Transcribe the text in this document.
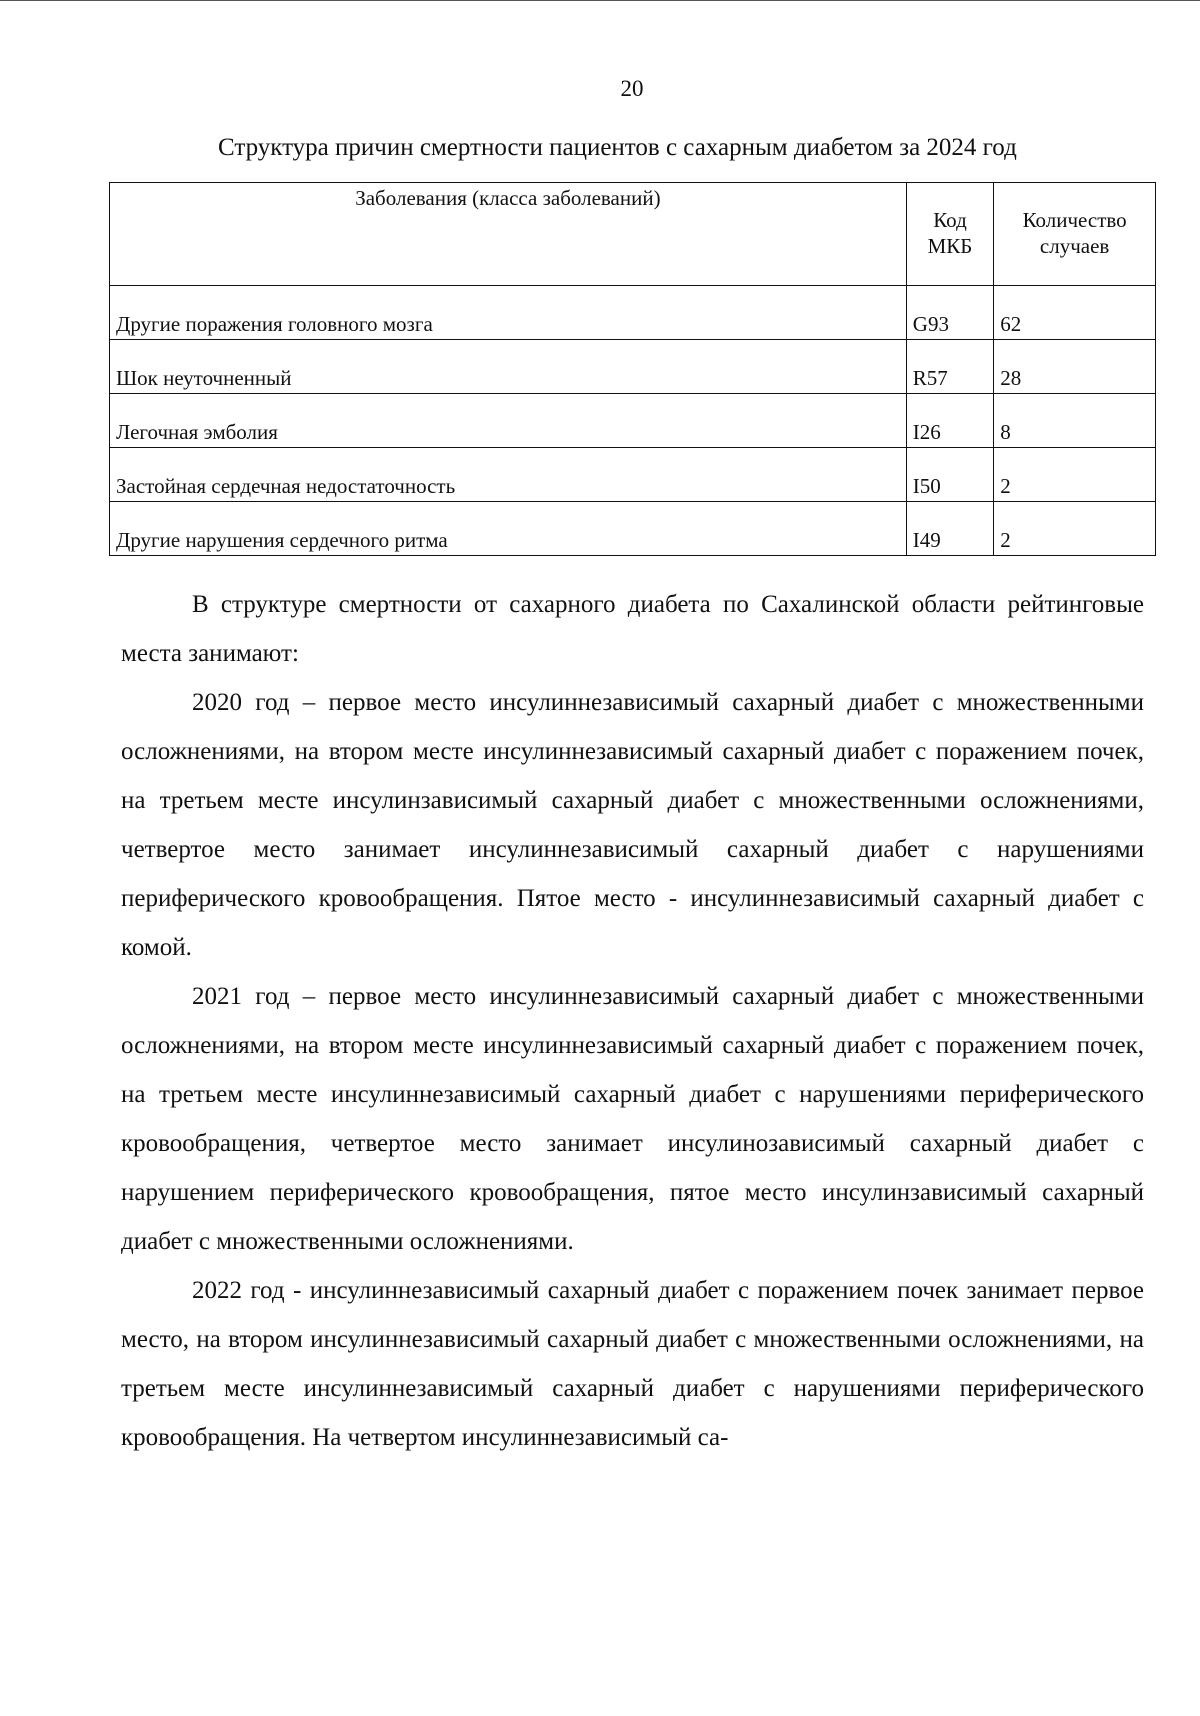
20
Структура причин смертности пациентов с сахарным диабетом за 2024 год
Заболевания (класса заболеваний)	Код МКБ	Количество случаев
Другие поражения головного мозга	G93	62
Шок неуточненный	R57	28
Легочная эмболия	I26	8
Застойная сердечная недостаточность	I50	2
Другие нарушения сердечного ритма	I49	2

В структуре смертности от сахарного диабета по Сахалинской области рейтинговые места занимают:

2020 год – первое место инсулиннезависимый сахарный диабет с множественными осложнениями, на втором месте инсулиннезависимый сахарный диабет с поражением почек, на третьем месте инсулинзависимый сахарный диабет с множественными осложнениями, четвертое место занимает инсулиннезависимый сахарный диабет с нарушениями периферического кровообращения. Пятое место - инсулиннезависимый сахарный диабет с комой.

2021 год – первое место инсулиннезависимый сахарный диабет с множественными осложнениями, на втором месте инсулиннезависимый сахарный диабет с поражением почек, на третьем месте инсулиннезависимый сахарный диабет с нарушениями периферического кровообращения, четвертое место занимает инсулинозависимый сахарный диабет с нарушением периферического кровообращения, пятое место инсулинзависимый сахарный диабет с множественными осложнениями.

2022 год - инсулиннезависимый сахарный диабет с поражением почек занимает первое место, на втором инсулиннезависимый сахарный диабет с множественными осложнениями, на третьем месте инсулиннезависимый сахарный диабет с нарушениями периферического кровообращения. На четвертом инсулиннезависимый са-
